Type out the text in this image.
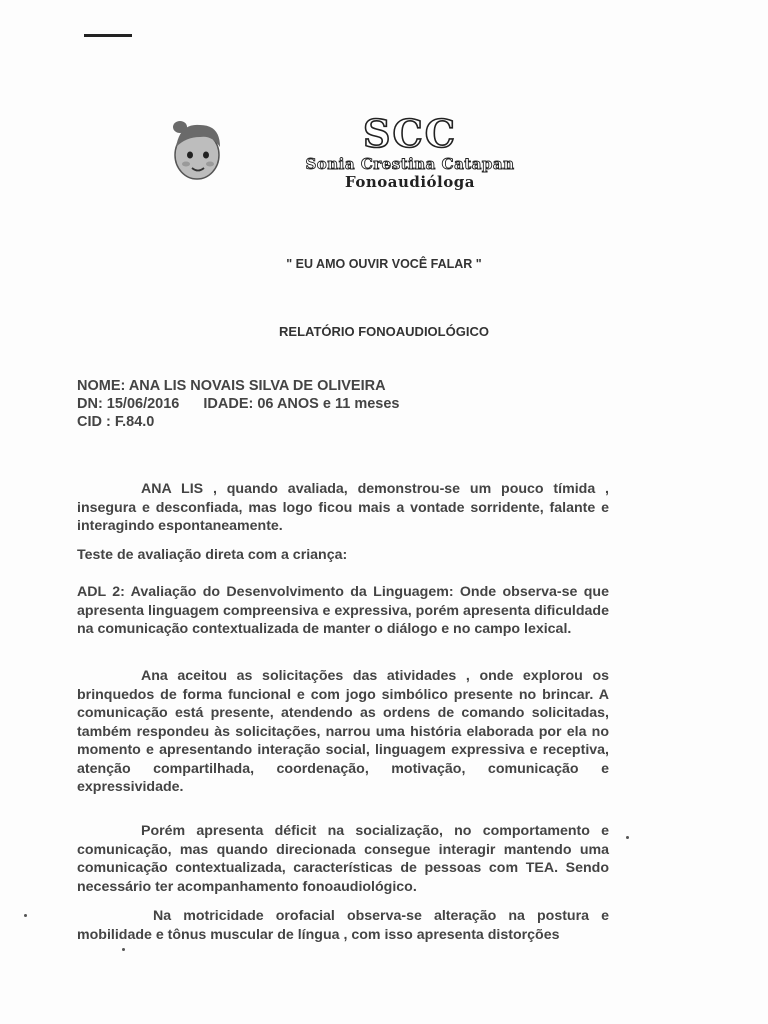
SCC
Sonia Crestina Catapan
Fonoaudióloga
" EU AMO OUVIR VOCÊ FALAR "
RELATÓRIO FONOAUDIOLÓGICO
NOME: ANA LIS NOVAIS SILVA DE OLIVEIRA
DN: 15/06/2016 IDADE: 06 ANOS e 11 meses
CID : F.84.0
ANA LIS , quando avaliada, demonstrou-se um pouco tímida , insegura e desconfiada, mas logo ficou mais a vontade sorridente, falante e interagindo espontaneamente.
Teste de avaliação direta com a criança:
ADL 2: Avaliação do Desenvolvimento da Linguagem: Onde observa-se que apresenta linguagem compreensiva e expressiva, porém apresenta dificuldade na comunicação contextualizada de manter o diálogo e no campo lexical.
Ana aceitou as solicitações das atividades , onde explorou os brinquedos de forma funcional e com jogo simbólico presente no brincar. A comunicação está presente, atendendo as ordens de comando solicitadas, também respondeu às solicitações, narrou uma história elaborada por ela no momento e apresentando interação social, linguagem expressiva e receptiva, atenção compartilhada, coordenação, motivação, comunicação e expressividade.
Porém apresenta déficit na socialização, no comportamento e comunicação, mas quando direcionada consegue interagir mantendo uma comunicação contextualizada, características de pessoas com TEA. Sendo necessário ter acompanhamento fonoaudiológico.
Na motricidade orofacial observa-se alteração na postura e mobilidade e tônus muscular de língua , com isso apresenta distorções
